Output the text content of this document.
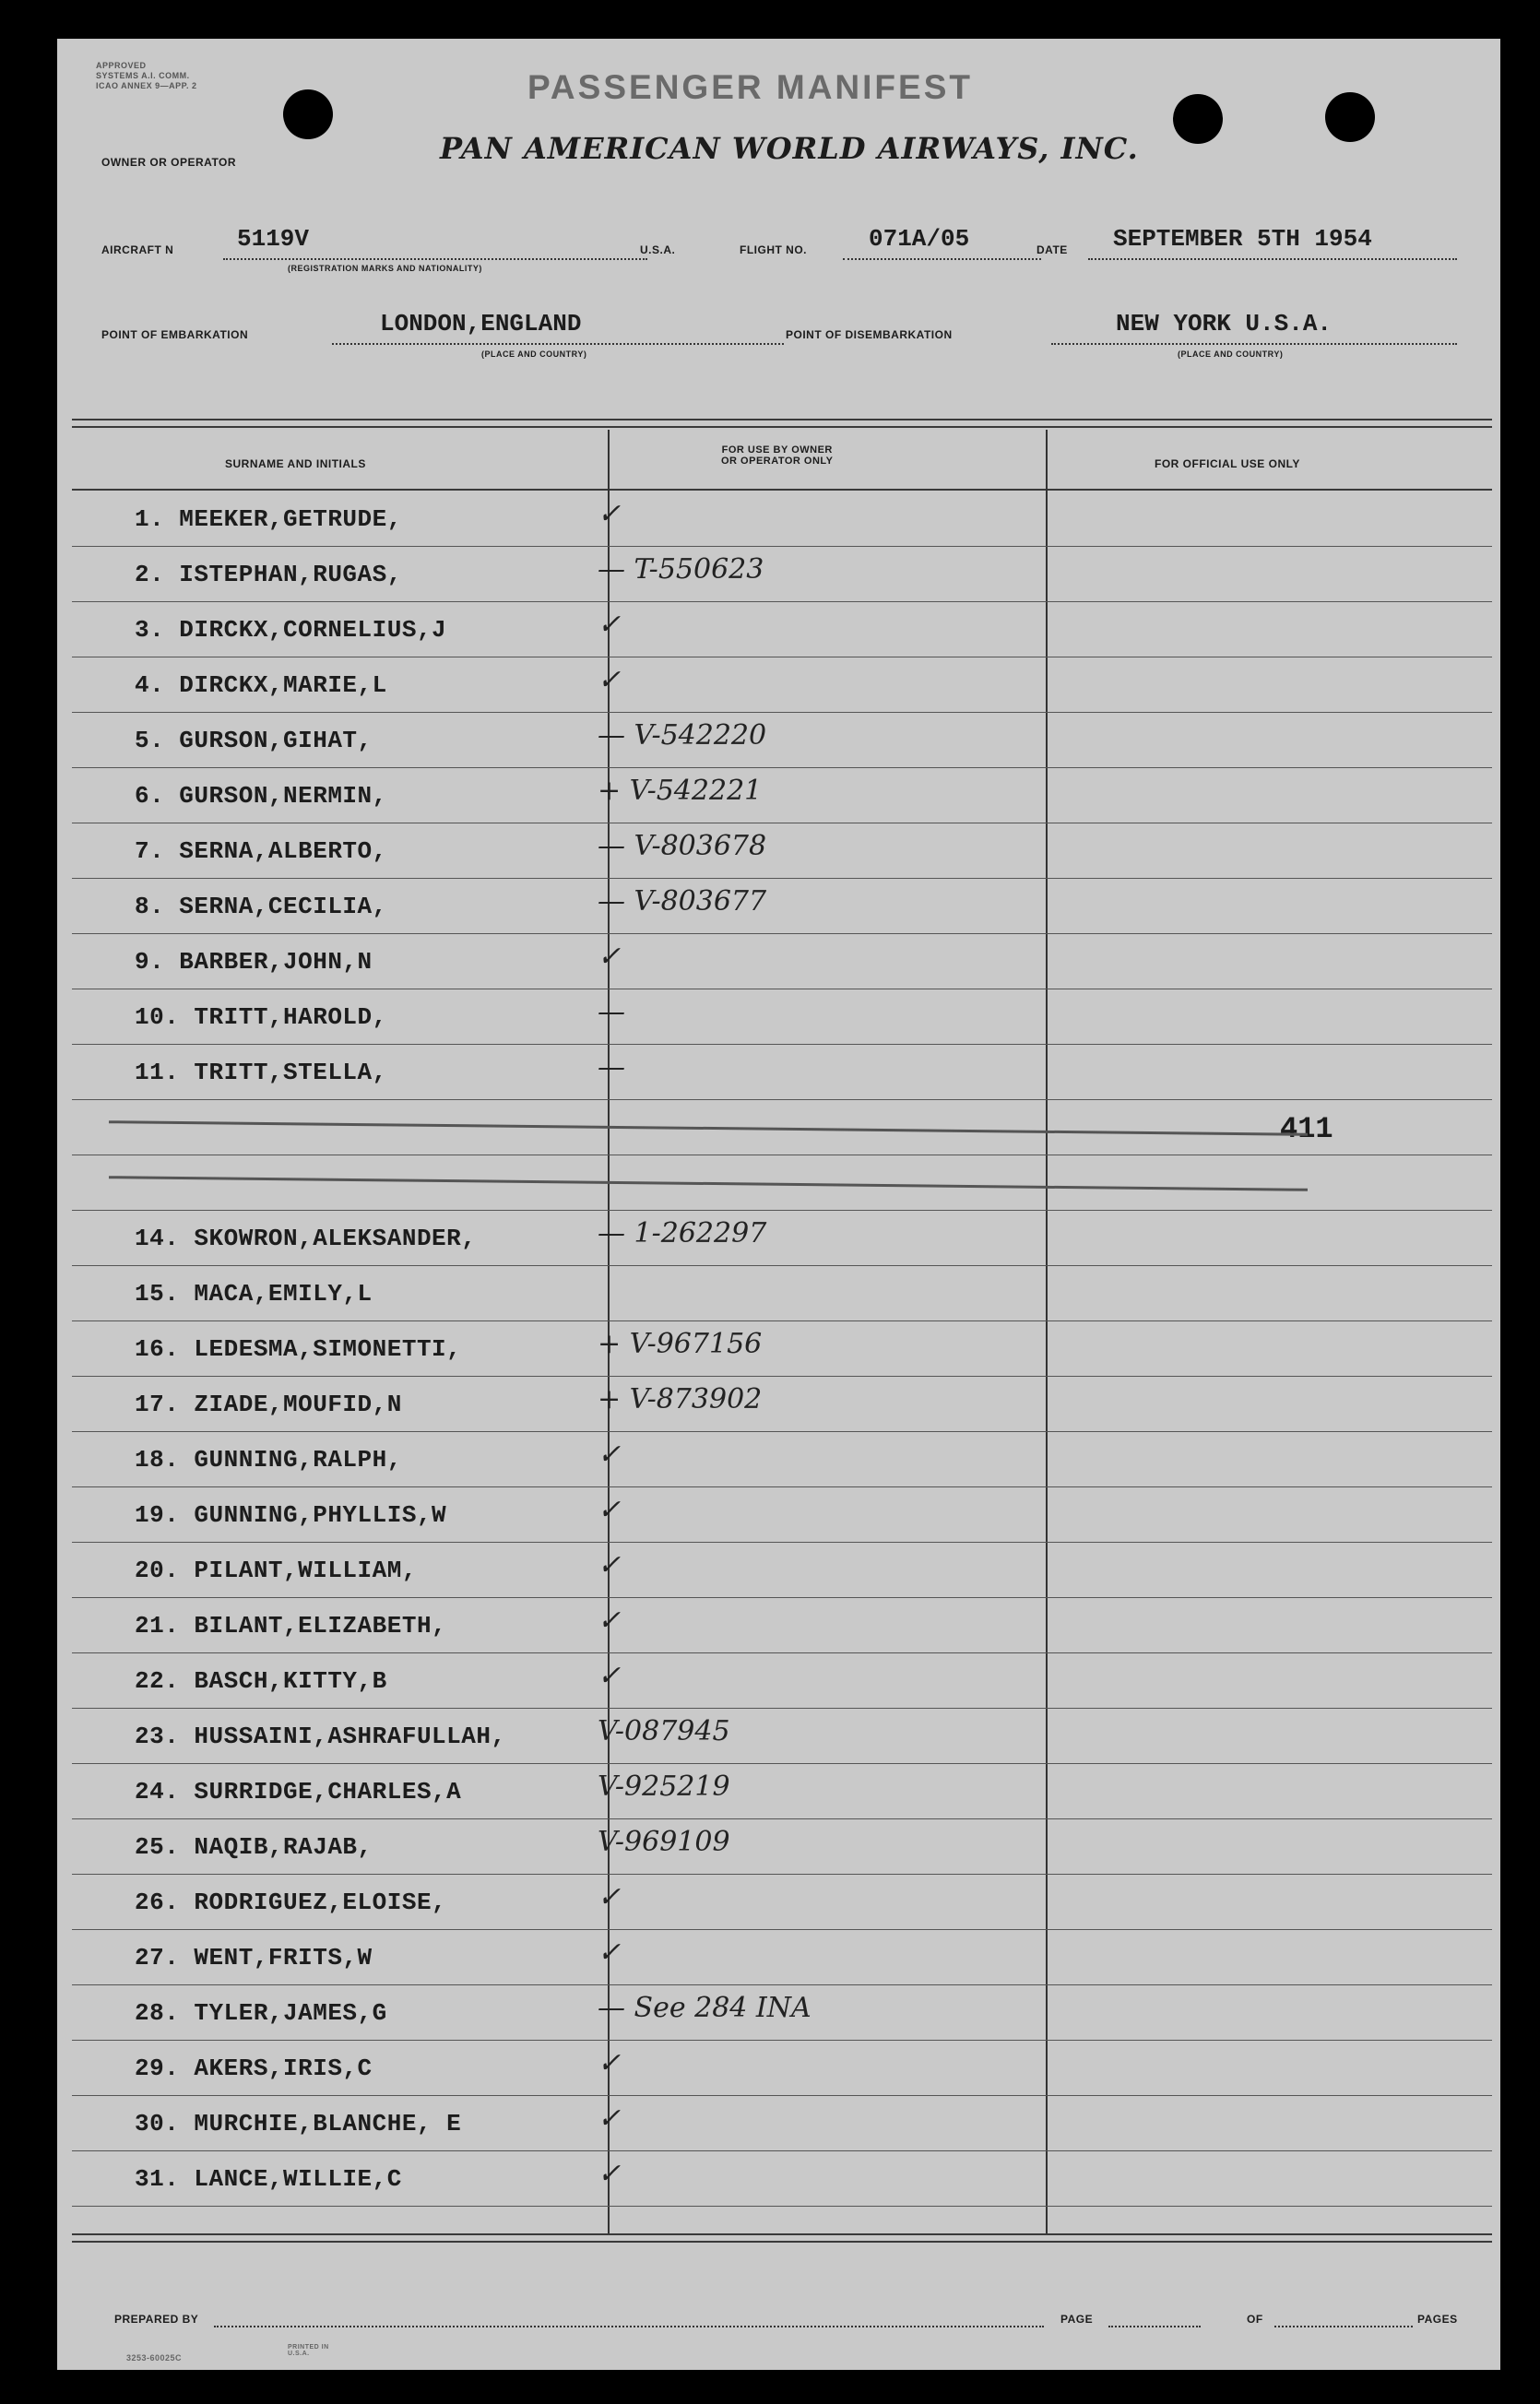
APPROVED
SYSTEMS A.I. COMM.
ICAO ANNEX 9—APP. 2	PASSENGER MANIFEST
OWNER OR OPERATOR	PAN AMERICAN WORLD AIRWAYS, INC.
AIRCRAFT N	5119V
(REGISTRATION MARKS AND NATIONALITY)
U.S.A.	FLIGHT NO.	071A/05	DATE SEPTEMBER 5TH 1954
POINT OF EMBARKATION	LONDON,ENGLAND
(PLACE AND COUNTRY)
POINT OF DISEMBARKATION	NEW YORK U.S.A.
(PLACE AND COUNTRY)
SURNAME AND INITIALS
FOR USE BY OWNER
OR OPERATOR ONLY	FOR OFFICIAL USE ONLY
1. MEEKER,GETRUDE,	✓
2. ISTEPHAN,RUGAS,	— T-550623
3. DIRCKX,CORNELIUS,J	✓
4. DIRCKX,MARIE,L	✓
5. GURSON,GIHAT,	— V-542220
6. GURSON,NERMIN,	+ V-542221
7. SERNA,ALBERTO,	— V-803678
8. SERNA,CECILIA,	— V-803677
9. BARBER,JOHN,N	✓
10. TRITT,HAROLD,	—
11. TRITT,STELLA,	—
411
14. SKOWRON,ALEKSANDER,	— 1-262297
15. MACA,EMILY,L
16. LEDESMA,SIMONETTI,	+ V-967156
17. ZIADE,MOUFID,N	+ V-873902
18. GUNNING,RALPH,	✓
19. GUNNING,PHYLLIS,W	✓
20. PILANT,WILLIAM,	✓
21. BILANT,ELIZABETH,	✓
22. BASCH,KITTY,B	✓
23. HUSSAINI,ASHRAFULLAH,	V-087945
24. SURRIDGE,CHARLES,A	V-925219
25. NAQIB,RAJAB,	V-969109
26. RODRIGUEZ,ELOISE,	✓
27. WENT,FRITS,W	✓
28. TYLER,JAMES,G	— See 284 INA
29. AKERS,IRIS,C	✓
30. MURCHIE,BLANCHE, E	✓
31. LANCE,WILLIE,C	✓
PREPARED BY	PAGE	OF	PAGES
3253-60025C
PRINTED IN U.S.A.
